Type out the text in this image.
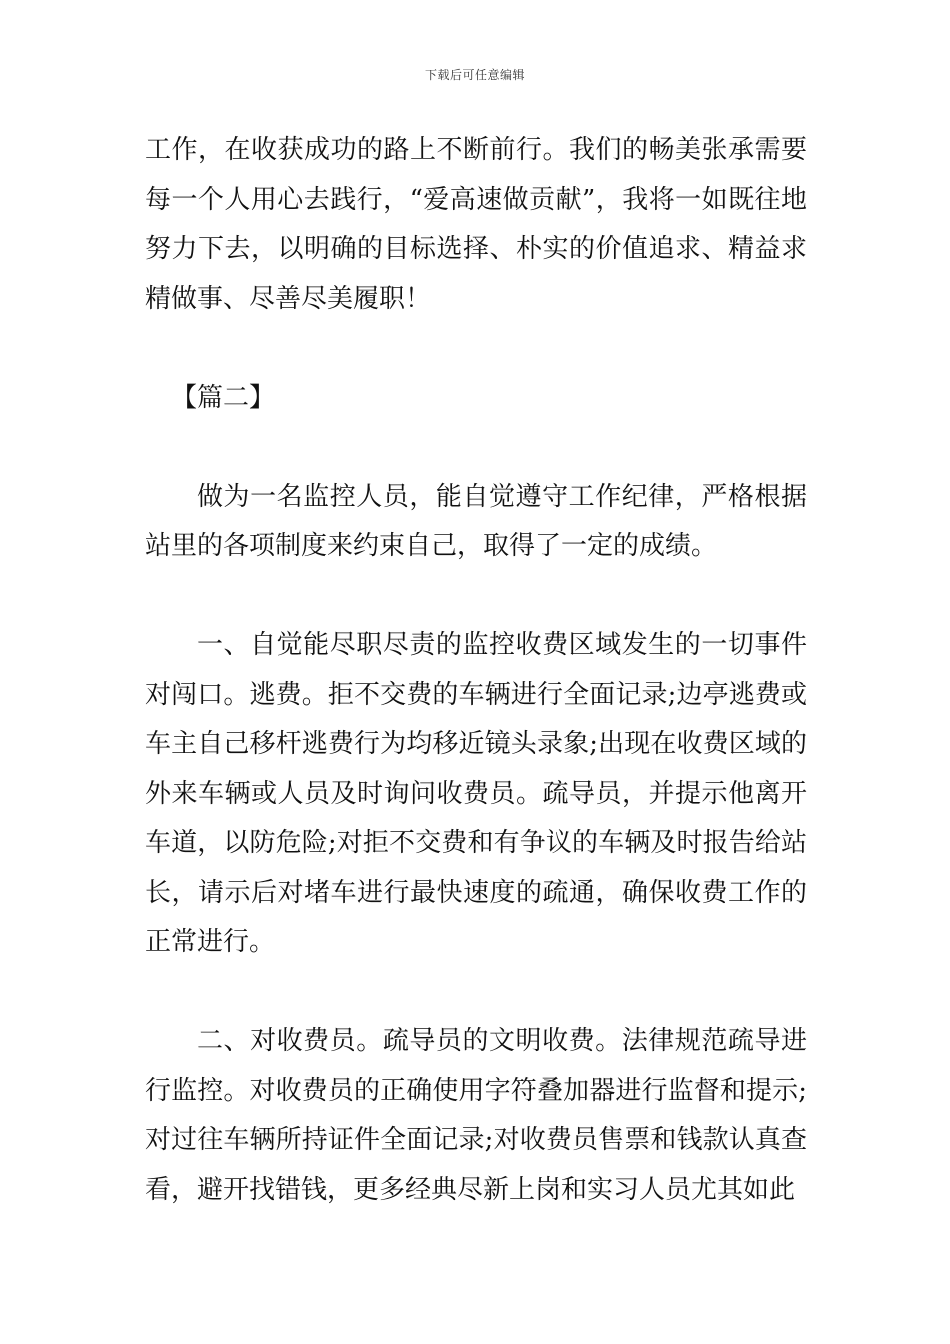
下载后可任意编辑

工作，在收获成功的路上不断前行。我们的畅美张承需要每一个人用心去践行，“爱高速做贡献”，我将一如既往地努力下去，以明确的目标选择、朴实的价值追求、精益求精做事、尽善尽美履职！

【篇二】

做为一名监控人员，能自觉遵守工作纪律，严格根据站里的各项制度来约束自己，取得了一定的成绩。

一、自觉能尽职尽责的监控收费区域发生的一切事件对闯口。逃费。拒不交费的车辆进行全面记录;边亭逃费或车主自己移杆逃费行为均移近镜头录象;出现在收费区域的外来车辆或人员及时询问收费员。疏导员，并提示他离开车道，以防危险;对拒不交费和有争议的车辆及时报告给站长，请示后对堵车进行最快速度的疏通，确保收费工作的正常进行。

二、对收费员。疏导员的文明收费。法律规范疏导进行监控。对收费员的正确使用字符叠加器进行监督和提示;对过往车辆所持证件全面记录;对收费员售票和钱款认真查看，避开找错钱，更多经典尽新上岗和实习人员尤其如此
